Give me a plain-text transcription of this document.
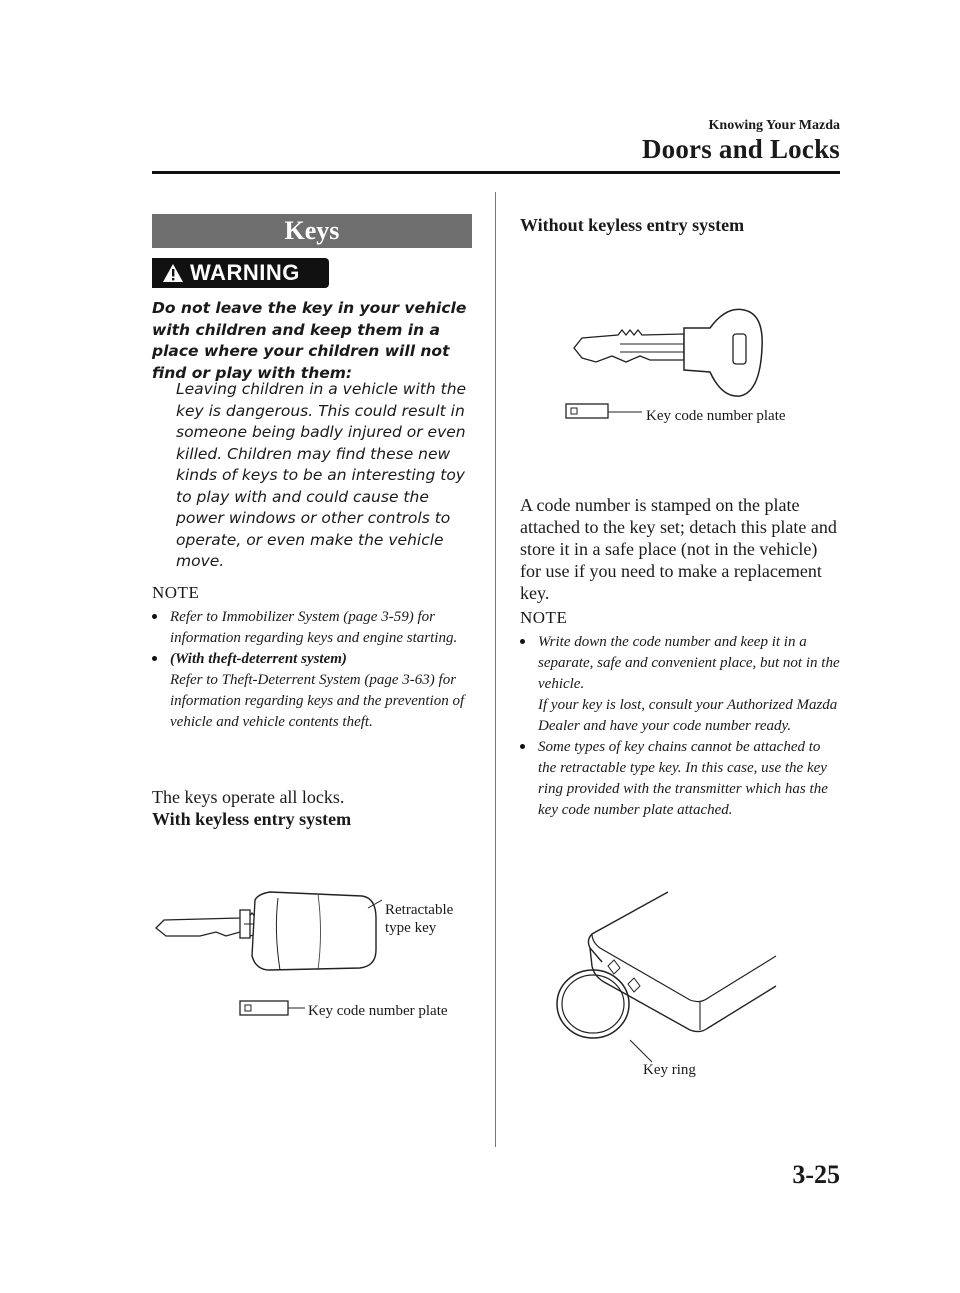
Knowing Your Mazda
Doors and Locks
Keys
WARNING
Do not leave the key in your vehicle with children and keep them in a place where your children will not find or play with them:
Leaving children in a vehicle with the key is dangerous. This could result in someone being badly injured or even killed. Children may find these new kinds of keys to be an interesting toy to play with and could cause the power windows or other controls to operate, or even make the vehicle move.
NOTE
Refer to Immobilizer System (page 3-59) for information regarding keys and engine starting.
(With theft-deterrent system)
Refer to Theft-Deterrent System (page 3-63) for information regarding keys and the prevention of vehicle and vehicle contents theft.
The keys operate all locks.
With keyless entry system
Retractable type key
Key code number plate
Without keyless entry system
Key code number plate
A code number is stamped on the plate attached to the key set; detach this plate and store it in a safe place (not in the vehicle) for use if you need to make a replacement key.
NOTE
Write down the code number and keep it in a separate, safe and convenient place, but not in the vehicle.
If your key is lost, consult your Authorized Mazda Dealer and have your code number ready.
Some types of key chains cannot be attached to the retractable type key. In this case, use the key ring provided with the transmitter which has the key code number plate attached.
Key ring
3-25
